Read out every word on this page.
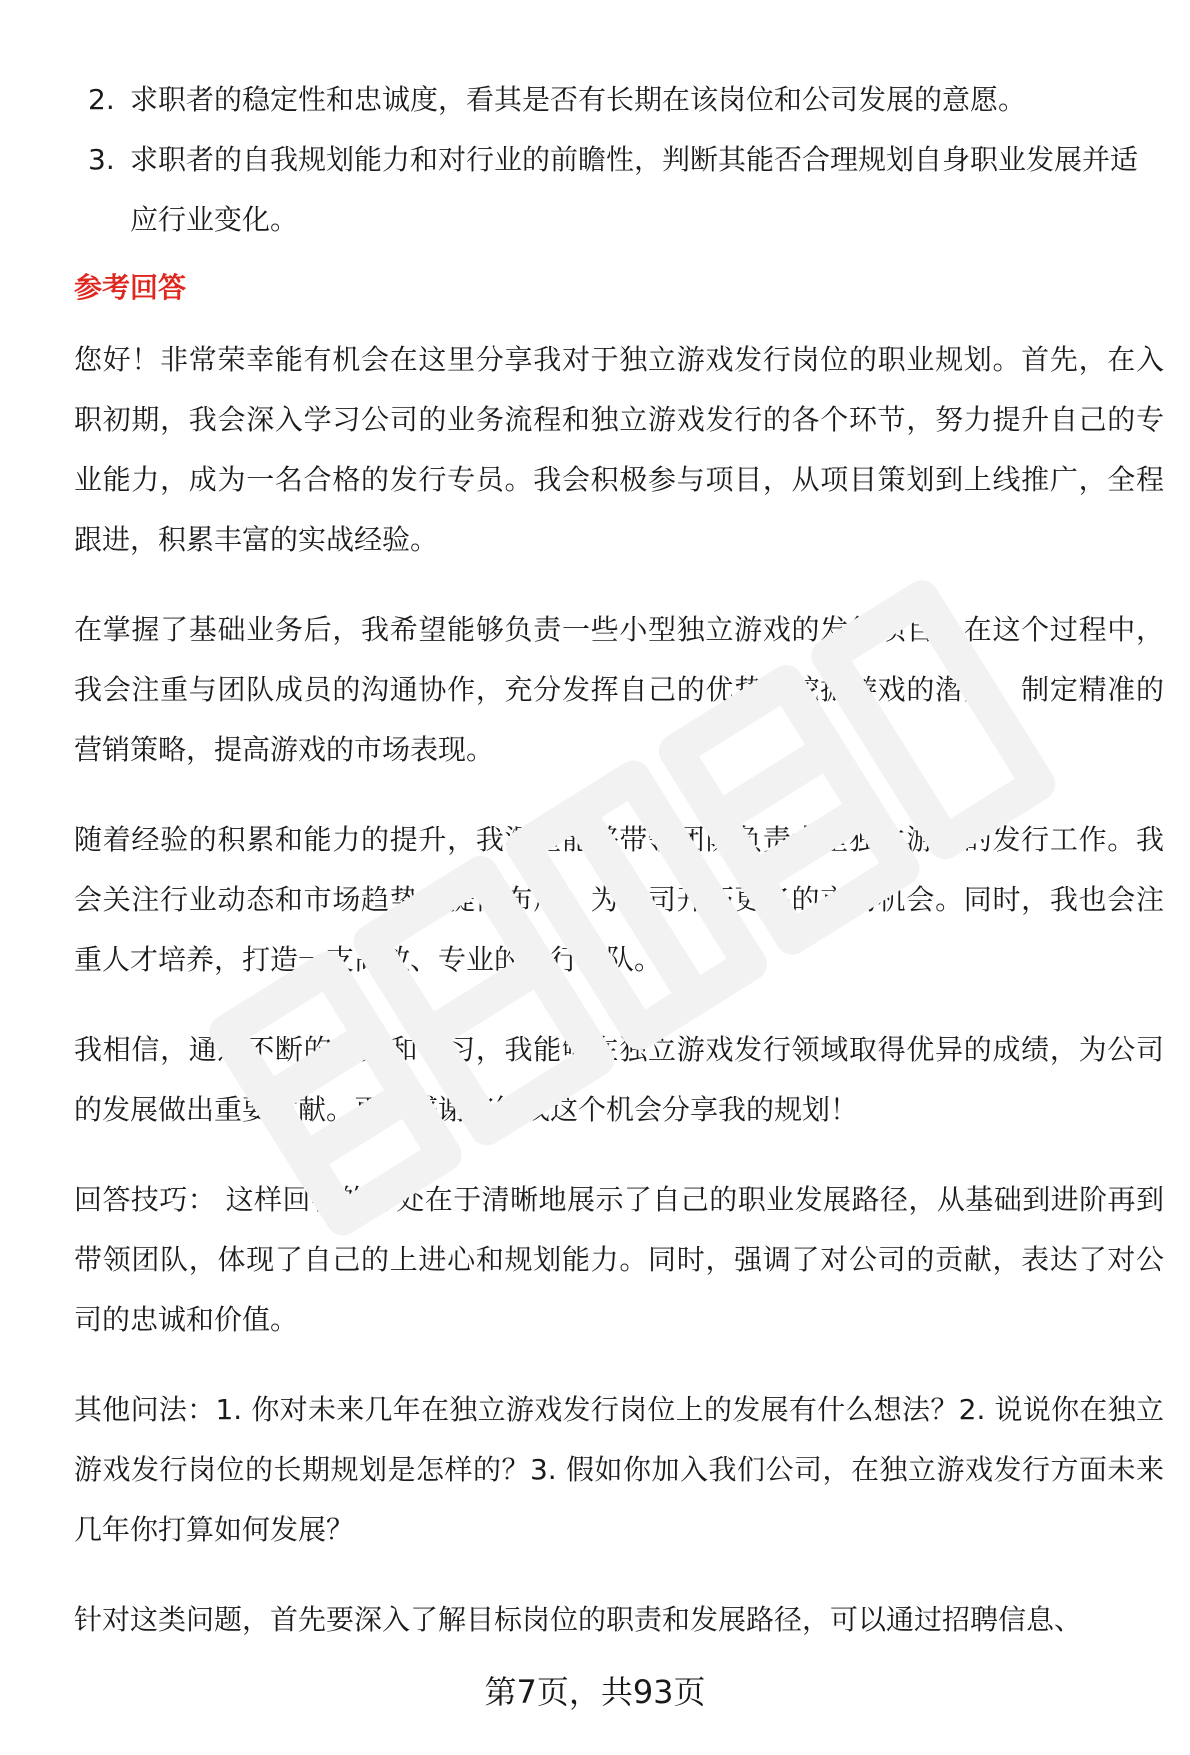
2. 求职者的稳定性和忠诚度，看其是否有长期在该岗位和公司发展的意愿。
3. 求职者的自我规划能力和对行业的前瞻性，判断其能否合理规划自身职业发展并适应行业变化。
参考回答

您好！非常荣幸能有机会在这里分享我对于独立游戏发行岗位的职业规划。首先，在入职初期，我会深入学习公司的业务流程和独立游戏发行的各个环节，努力提升自己的专业能力，成为一名合格的发行专员。我会积极参与项目，从项目策划到上线推广，全程跟进，积累丰富的实战经验。

在掌握了基础业务后，我希望能够负责一些小型独立游戏的发行项目。在这个过程中，我会注重与团队成员的沟通协作，充分发挥自己的优势，挖掘游戏的潜力，制定精准的营销策略，提高游戏的市场表现。

随着经验的积累和能力的提升，我渴望能够带领团队负责大型独立游戏的发行工作。我会关注行业动态和市场趋势，提前布局，为公司开拓更多的市场机会。同时，我也会注重人才培养，打造一支高效、专业的发行团队。

我相信，通过不断的努力和学习，我能够在独立游戏发行领域取得优异的成绩，为公司的发展做出重要贡献。再次感谢您给我这个机会分享我的规划！

回答技巧： 这样回答的好处在于清晰地展示了自己的职业发展路径，从基础到进阶再到带领团队，体现了自己的上进心和规划能力。同时，强调了对公司的贡献，表达了对公司的忠诚和价值。

其他问法：1. 你对未来几年在独立游戏发行岗位上的发展有什么想法？2. 说说你在独立游戏发行岗位的长期规划是怎样的？3. 假如你加入我们公司，在独立游戏发行方面未来几年你打算如何发展？

针对这类问题，首先要深入了解目标岗位的职责和发展路径，可以通过招聘信息、

第7页，共93页
